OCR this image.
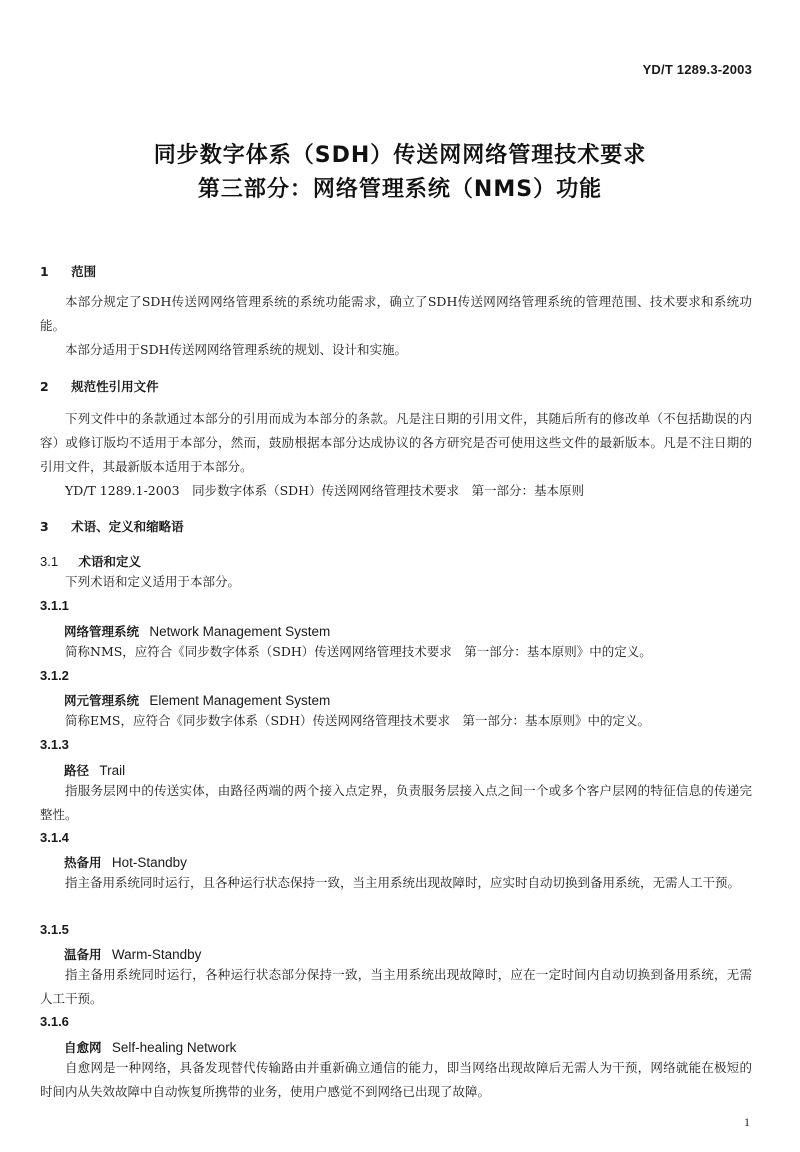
YD/T 1289.3-2003
同步数字体系（SDH）传送网网络管理技术要求
第三部分：网络管理系统（NMS）功能
1 范围
本部分规定了SDH传送网网络管理系统的系统功能需求，确立了SDH传送网网络管理系统的管理范围、技术要求和系统功能。
本部分适用于SDH传送网网络管理系统的规划、设计和实施。
2 规范性引用文件
下列文件中的条款通过本部分的引用而成为本部分的条款。凡是注日期的引用文件，其随后所有的修改单（不包括勘误的内容）或修订版均不适用于本部分，然而，鼓励根据本部分达成协议的各方研究是否可使用这些文件的最新版本。凡是不注日期的引用文件，其最新版本适用于本部分。
YD/T 1289.1-2003　同步数字体系（SDH）传送网网络管理技术要求　第一部分：基本原则
3 术语、定义和缩略语
3.1 术语和定义
下列术语和定义适用于本部分。
3.1.1
网络管理系统 Network Management System
简称NMS，应符合《同步数字体系（SDH）传送网网络管理技术要求　第一部分：基本原则》中的定义。
3.1.2
网元管理系统 Element Management System
简称EMS，应符合《同步数字体系（SDH）传送网网络管理技术要求　第一部分：基本原则》中的定义。
3.1.3
路径 Trail
指服务层网中的传送实体，由路径两端的两个接入点定界，负责服务层接入点之间一个或多个客户层网的特征信息的传递完整性。
3.1.4
热备用 Hot-Standby
指主备用系统同时运行，且各种运行状态保持一致，当主用系统出现故障时，应实时自动切换到备用系统，无需人工干预。
3.1.5
温备用 Warm-Standby
指主备用系统同时运行，各种运行状态部分保持一致，当主用系统出现故障时，应在一定时间内自动切换到备用系统，无需人工干预。
3.1.6
自愈网 Self-healing Network
自愈网是一种网络，具备发现替代传输路由并重新确立通信的能力，即当网络出现故障后无需人为干预，网络就能在极短的时间内从失效故障中自动恢复所携带的业务，使用户感觉不到网络已出现了故障。
1
